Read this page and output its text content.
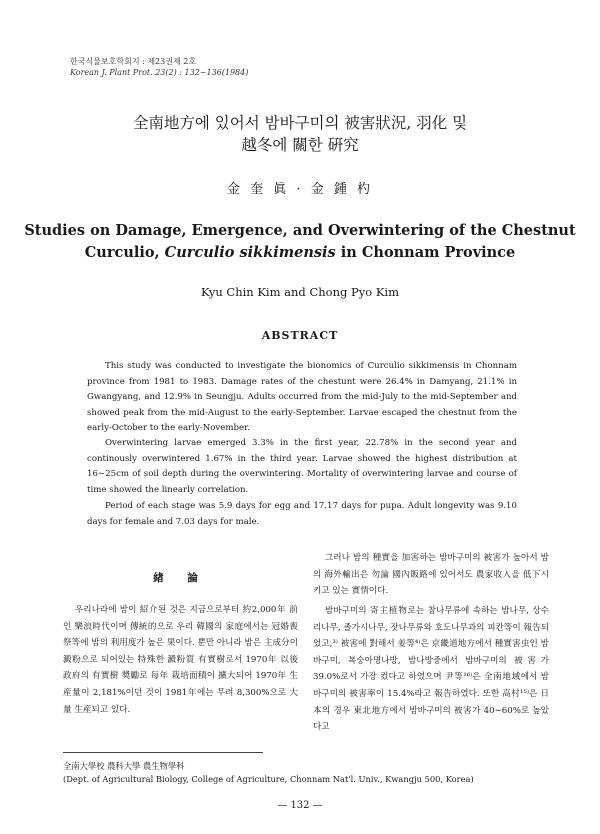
한국식물보호학회지 : 제23권제 2호
Korean J. Plant Prot. 23(2) : 132∼136(1984)
全南地方에 있어서 밤바구미의 被害狀況, 羽化 및
越冬에 關한 硏究
金 奎 眞 · 金 鍾 杓
Studies on Damage, Emergence, and Overwintering of the Chestnut
Curculio, Curculio sikkimensis in Chonnam Province
Kyu Chin Kim and Chong Pyo Kim
ABSTRACT
This study was conducted to investigate the bionomics of Curculio sikkimensis in Chonnam province from 1981 to 1983. Damage rates of the chestunt were 26.4% in Damyang, 21.1% in Gwangyang, and 12.9% in Seungju. Adults occurred from the mid-July to the mid-September and showed peak from the mid-August to the early-September. Larvae escaped the chestnut from the early-October to the early-November.
Overwintering larvae emerged 3.3% in the first year, 22.78% in the second year and continously overwintered 1.67% in the third year. Larvae showed the highest distribution at 16∼25cm of soil depth during the overwintering. Mortality of overwintering larvae and course of time showed the linearly correlation.
Period of each stage was 5.9 days for egg and 17.17 days for pupa. Adult longevity was 9.10 days for female and 7.03 days for male.
緖 論
우리나라에 밤이 紹介된 것은 지금으로부터 約2,000年 前인 樂浪時代이며 傳統的으로 우리 韓國의 家庭에서는 冠婚喪祭等에 밤의 利用度가 높은 果이다. 뿐만 아니라 밤은 主成分이 澱粉으로 되어있는 特殊한 澱粉質 有實樹로서 1970年 以後 政府의 有實樹 奬勵로 每年 栽培面積이 擴大되어 1970年 生産量이 2,181%이던 것이 1981年에는 무려 8,300%으로 大量 生産되고 있다.
그러나 밤의 種實을 加害하는 밤바구미의 被害가 높아서 밤의 海外輸出은 勿論 國內販路에 있어서도 農家收入을 低下시키고 있는 實情이다.
밤바구미의 寄主植物로는 참나무류에 속하는 밤나무, 상수리나무, 졸가시나무, 잣나무류와 호도나무과의 피칸等이 報告되었고,³⁾ 被害에 對해서 姜等⁴⁾은 京畿道地方에서 種實害虫인 밤바구미, 복숭아명나방, 밤나방중에서 밤바구미의 被害가 39.0%로서 가장 컸다고 하였으며 尹等¹⁶⁾은 全南地域에서 밤바구미의 被害率이 15.4%라고 報告하였다. 또한 高村¹⁵⁾은 日本의 경우 東北地方에서 밤바구미의 被害가 40∼60%로 높았다고
全南大學校 農科大學 農生物學科
(Dept. of Agricultural Biology, College of Agriculture, Chonnam Nat'l. Univ., Kwangju 500, Korea)
— 132 —
